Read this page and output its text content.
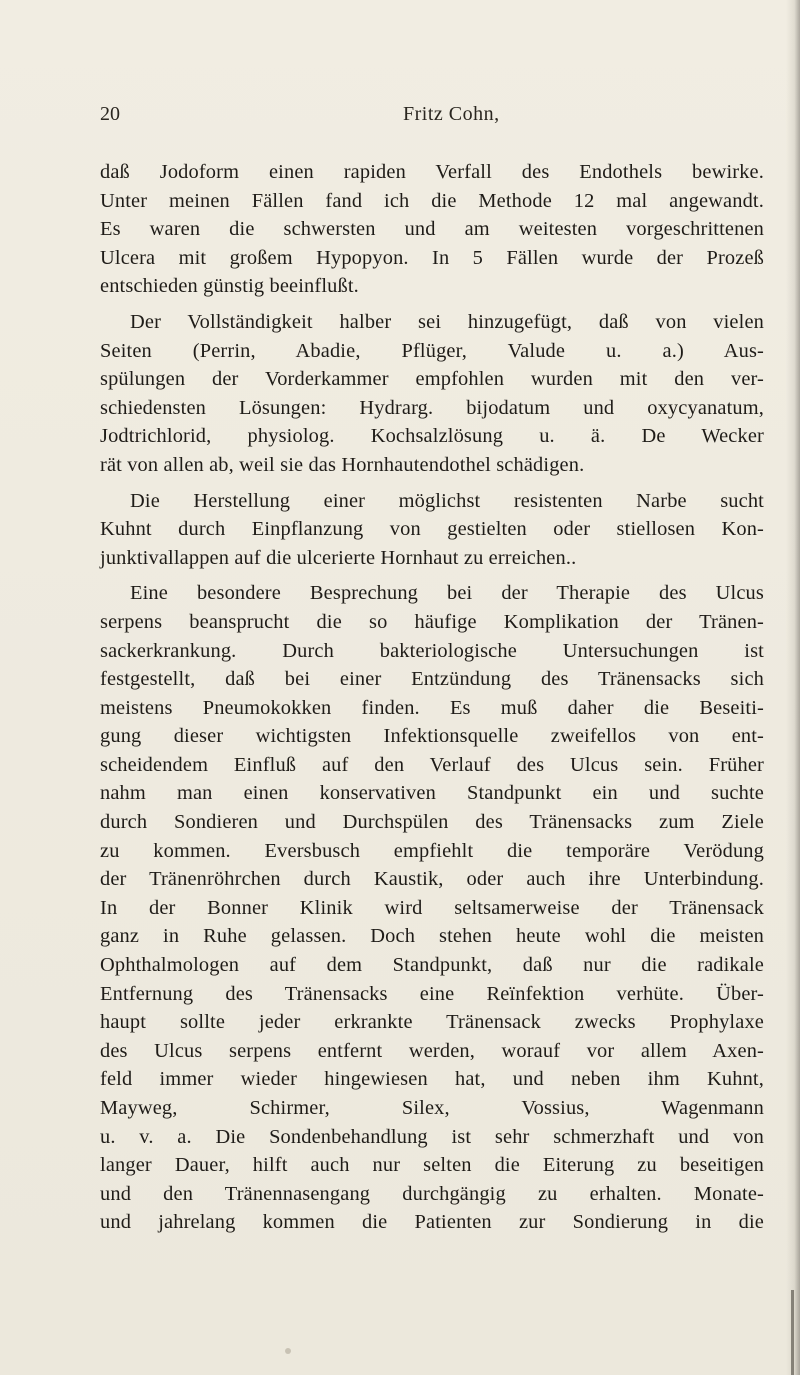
20	Fritz Cohn,
daß Jodoform einen rapiden Verfall des Endothels bewirke.
Unter meinen Fällen fand ich die Methode 12 mal angewandt.
Es waren die schwersten und am weitesten vorgeschrittenen
Ulcera mit großem Hypopyon. In 5 Fällen wurde der Prozeß
entschieden günstig beeinflußt.
Der Vollständigkeit halber sei hinzugefügt, daß von vielen
Seiten (Perrin, Abadie, Pflüger, Valude u. a.) Aus-
spülungen der Vorderkammer empfohlen wurden mit den ver-
schiedensten Lösungen: Hydrarg. bijodatum und oxycyanatum,
Jodtrichlorid, physiolog. Kochsalzlösung u. ä. De Wecker
rät von allen ab, weil sie das Hornhautendothel schädigen.
Die Herstellung einer möglichst resistenten Narbe sucht
Kuhnt durch Einpflanzung von gestielten oder stiellosen Kon-
junktivallappen auf die ulcerierte Hornhaut zu erreichen..
Eine besondere Besprechung bei der Therapie des Ulcus
serpens beansprucht die so häufige Komplikation der Tränen-
sackerkrankung. Durch bakteriologische Untersuchungen ist
festgestellt, daß bei einer Entzündung des Tränensacks sich
meistens Pneumokokken finden. Es muß daher die Beseiti-
gung dieser wichtigsten Infektionsquelle zweifellos von ent-
scheidendem Einfluß auf den Verlauf des Ulcus sein. Früher
nahm man einen konservativen Standpunkt ein und suchte
durch Sondieren und Durchspülen des Tränensacks zum Ziele
zu kommen. Eversbusch empfiehlt die temporäre Verödung
der Tränenröhrchen durch Kaustik, oder auch ihre Unterbindung.
In der Bonner Klinik wird seltsamerweise der Tränensack
ganz in Ruhe gelassen. Doch stehen heute wohl die meisten
Ophthalmologen auf dem Standpunkt, daß nur die radikale
Entfernung des Tränensacks eine Reïnfektion verhüte. Über-
haupt sollte jeder erkrankte Tränensack zwecks Prophylaxe
des Ulcus serpens entfernt werden, worauf vor allem Axen-
feld immer wieder hingewiesen hat, und neben ihm Kuhnt,
Mayweg, Schirmer, Silex, Vossius, Wagenmann
u. v. a. Die Sondenbehandlung ist sehr schmerzhaft und von
langer Dauer, hilft auch nur selten die Eiterung zu beseitigen
und den Tränennasengang durchgängig zu erhalten. Monate-
und jahrelang kommen die Patienten zur Sondierung in die
